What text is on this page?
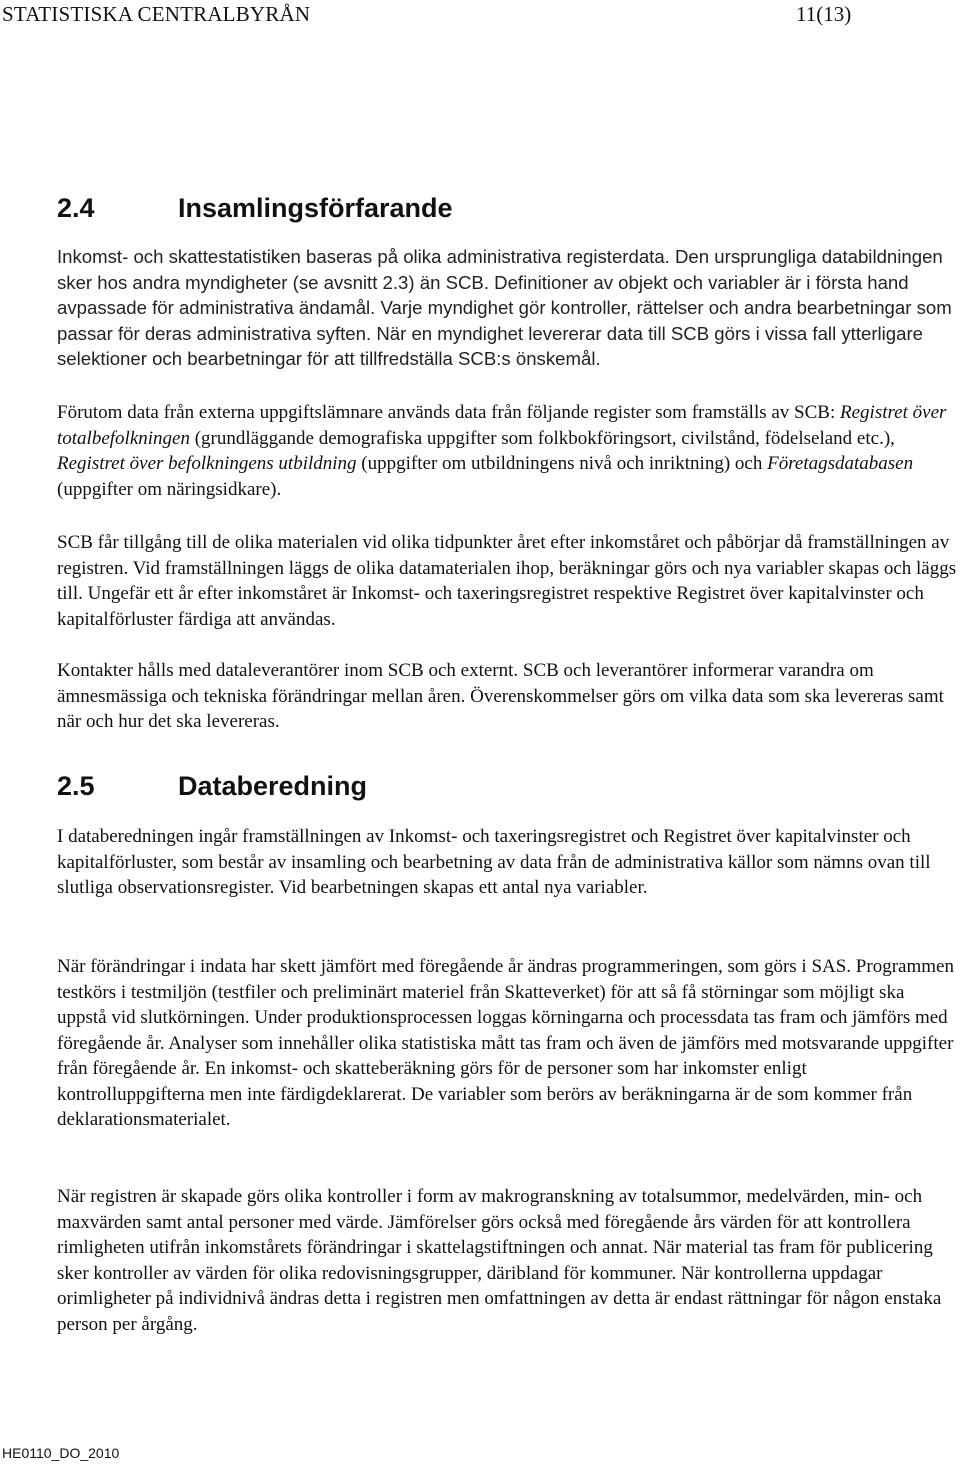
STATISTISKA CENTRALBYRÅN	11(13)
2.4	Insamlingsförfarande

Inkomst- och skattestatistiken baseras på olika administrativa registerdata. Den ursprungliga databildningen sker hos andra myndigheter (se avsnitt 2.3) än SCB. Definitioner av objekt och variabler är i första hand avpassade för administrativa ändamål. Varje myndighet gör kontroller, rättelser och andra bearbetningar som passar för deras administrativa syften. När en myndighet levererar data till SCB görs i vissa fall ytterligare selektioner och bearbetningar för att tillfredställa SCB:s önskemål.

Förutom data från externa uppgiftslämnare används data från följande register som framställs av SCB: Registret över totalbefolkningen (grundläggande demografiska uppgifter som folkbokföringsort, civilstånd, födelseland etc.), Registret över befolkningens utbildning (uppgifter om utbildningens nivå och inriktning) och Företagsdatabasen (uppgifter om näringsidkare).

SCB får tillgång till de olika materialen vid olika tidpunkter året efter inkomståret och påbörjar då framställningen av registren. Vid framställningen läggs de olika datamaterialen ihop, beräkningar görs och nya variabler skapas och läggs till. Ungefär ett år efter inkomståret är Inkomst- och taxeringsregistret respektive Registret över kapitalvinster och kapitalförluster färdiga att användas.

Kontakter hålls med dataleverantörer inom SCB och externt. SCB och leverantörer informerar varandra om ämnesmässiga och tekniska förändringar mellan åren. Överenskommelser görs om vilka data som ska levereras samt när och hur det ska levereras.

2.5	Databeredning

I databeredningen ingår framställningen av Inkomst- och taxeringsregistret och Registret över kapitalvinster och kapitalförluster, som består av insamling och bearbetning av data från de administrativa källor som nämns ovan till slutliga observationsregister. Vid bearbetningen skapas ett antal nya variabler.

När förändringar i indata har skett jämfört med föregående år ändras programmeringen, som görs i SAS. Programmen testkörs i testmiljön (testfiler och preliminärt materiel från Skatteverket) för att så få störningar som möjligt ska uppstå vid slutkörningen. Under produktionsprocessen loggas körningarna och processdata tas fram och jämförs med föregående år. Analyser som innehåller olika statistiska mått tas fram och även de jämförs med motsvarande uppgifter från föregående år. En inkomst- och skatteberäkning görs för de personer som har inkomster enligt kontrolluppgifterna men inte färdigdeklarerat. De variabler som berörs av beräkningarna är de som kommer från deklarationsmaterialet.

När registren är skapade görs olika kontroller i form av makrogranskning av totalsummor, medelvärden, min- och maxvärden samt antal personer med värde. Jämförelser görs också med föregående års värden för att kontrollera rimligheten utifrån inkomstårets förändringar i skattelagstiftningen och annat. När material tas fram för publicering sker kontroller av värden för olika redovisningsgrupper, däribland för kommuner. När kontrollerna uppdagar orimligheter på individnivå ändras detta i registren men omfattningen av detta är endast rättningar för någon enstaka person per årgång.

HE0110_DO_2010
